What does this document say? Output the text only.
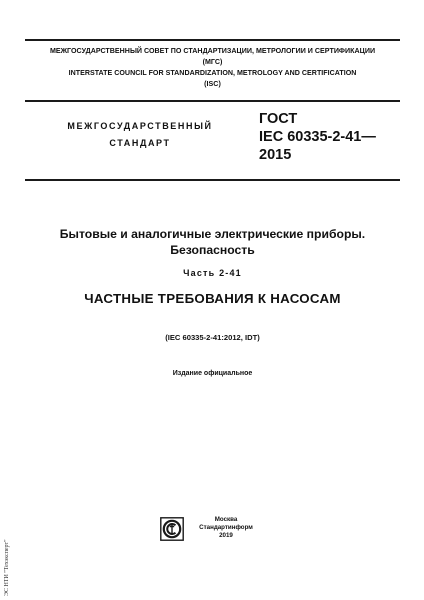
МЕЖГОСУДАРСТВЕННЫЙ СОВЕТ ПО СТАНДАРТИЗАЦИИ, МЕТРОЛОГИИ И СЕРТИФИКАЦИИ
(МГС)
INTERSTATE COUNCIL FOR STANDARDIZATION, METROLOGY AND CERTIFICATION
(ISC)
МЕЖГОСУДАРСТВЕННЫЙ
СТАНДАРТ
ГОСТ
IEC 60335-2-41—
2015
Бытовые и аналогичные электрические приборы.
Безопасность
Часть 2-41
ЧАСТНЫЕ ТРЕБОВАНИЯ К НАСОСАМ
(IEC 60335-2-41:2012, IDT)
Издание официальное
Москва
Стандартинформ
2019
ЭС НТИ "Техэксперт"
